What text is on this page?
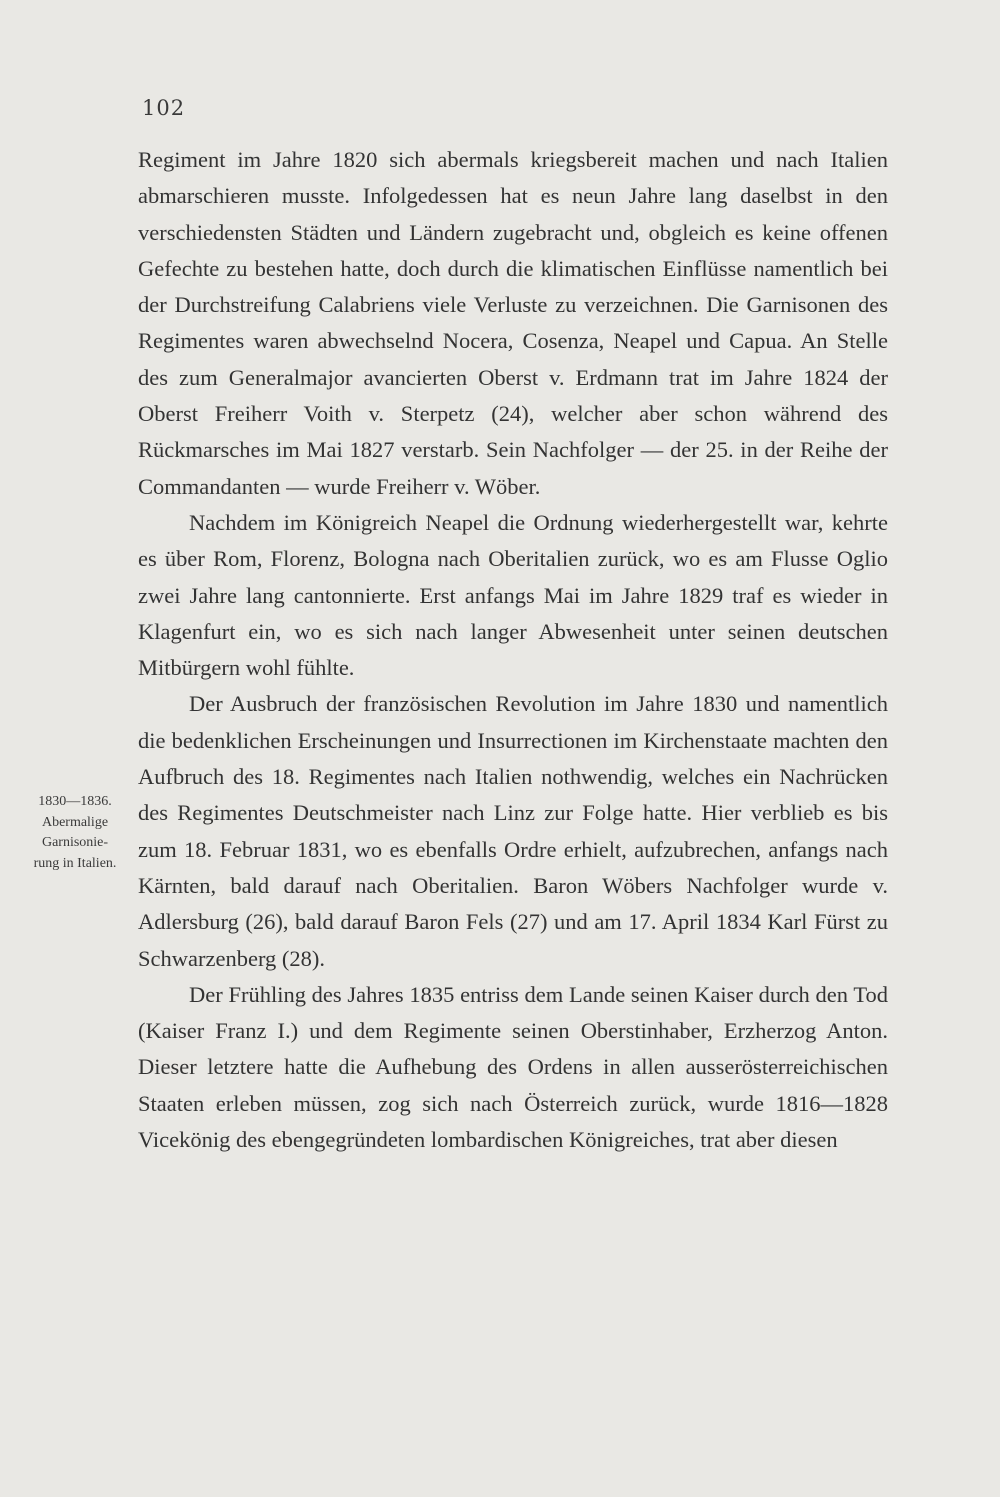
102
1830—1836.
Abermalige
Garnisonie-
rung in Italien.

Regiment im Jahre 1820 sich abermals kriegsbereit machen und nach Italien abmarschieren musste. Infolgedessen hat es neun Jahre lang daselbst in den verschiedensten Städten und Ländern zugebracht und, obgleich es keine offenen Gefechte zu bestehen hatte, doch durch die klimatischen Einflüsse namentlich bei der Durchstreifung Calabriens viele Verluste zu verzeichnen. Die Garnisonen des Regimentes waren abwechselnd Nocera, Cosenza, Neapel und Capua. An Stelle des zum Generalmajor avancierten Oberst v. Erdmann trat im Jahre 1824 der Oberst Freiherr Voith v. Sterpetz (24), welcher aber schon während des Rückmarsches im Mai 1827 verstarb. Sein Nachfolger — der 25. in der Reihe der Commandanten — wurde Freiherr v. Wöber.

Nachdem im Königreich Neapel die Ordnung wiederhergestellt war, kehrte es über Rom, Florenz, Bologna nach Oberitalien zurück, wo es am Flusse Oglio zwei Jahre lang cantonnierte. Erst anfangs Mai im Jahre 1829 traf es wieder in Klagenfurt ein, wo es sich nach langer Abwesenheit unter seinen deutschen Mitbürgern wohl fühlte.

Der Ausbruch der französischen Revolution im Jahre 1830 und namentlich die bedenklichen Erscheinungen und Insurrectionen im Kirchenstaate machten den Aufbruch des 18. Regimentes nach Italien nothwendig, welches ein Nachrücken des Regimentes Deutschmeister nach Linz zur Folge hatte. Hier verblieb es bis zum 18. Februar 1831, wo es ebenfalls Ordre erhielt, aufzubrechen, anfangs nach Kärnten, bald darauf nach Oberitalien. Baron Wöbers Nachfolger wurde v. Adlersburg (26), bald darauf Baron Fels (27) und am 17. April 1834 Karl Fürst zu Schwarzenberg (28).

Der Frühling des Jahres 1835 entriss dem Lande seinen Kaiser durch den Tod (Kaiser Franz I.) und dem Regimente seinen Oberstinhaber, Erzherzog Anton. Dieser letztere hatte die Aufhebung des Ordens in allen ausserösterreichischen Staaten erleben müssen, zog sich nach Österreich zurück, wurde 1816—1828 Vicekönig des ebengegründeten lombardischen Königreiches, trat aber diesen
